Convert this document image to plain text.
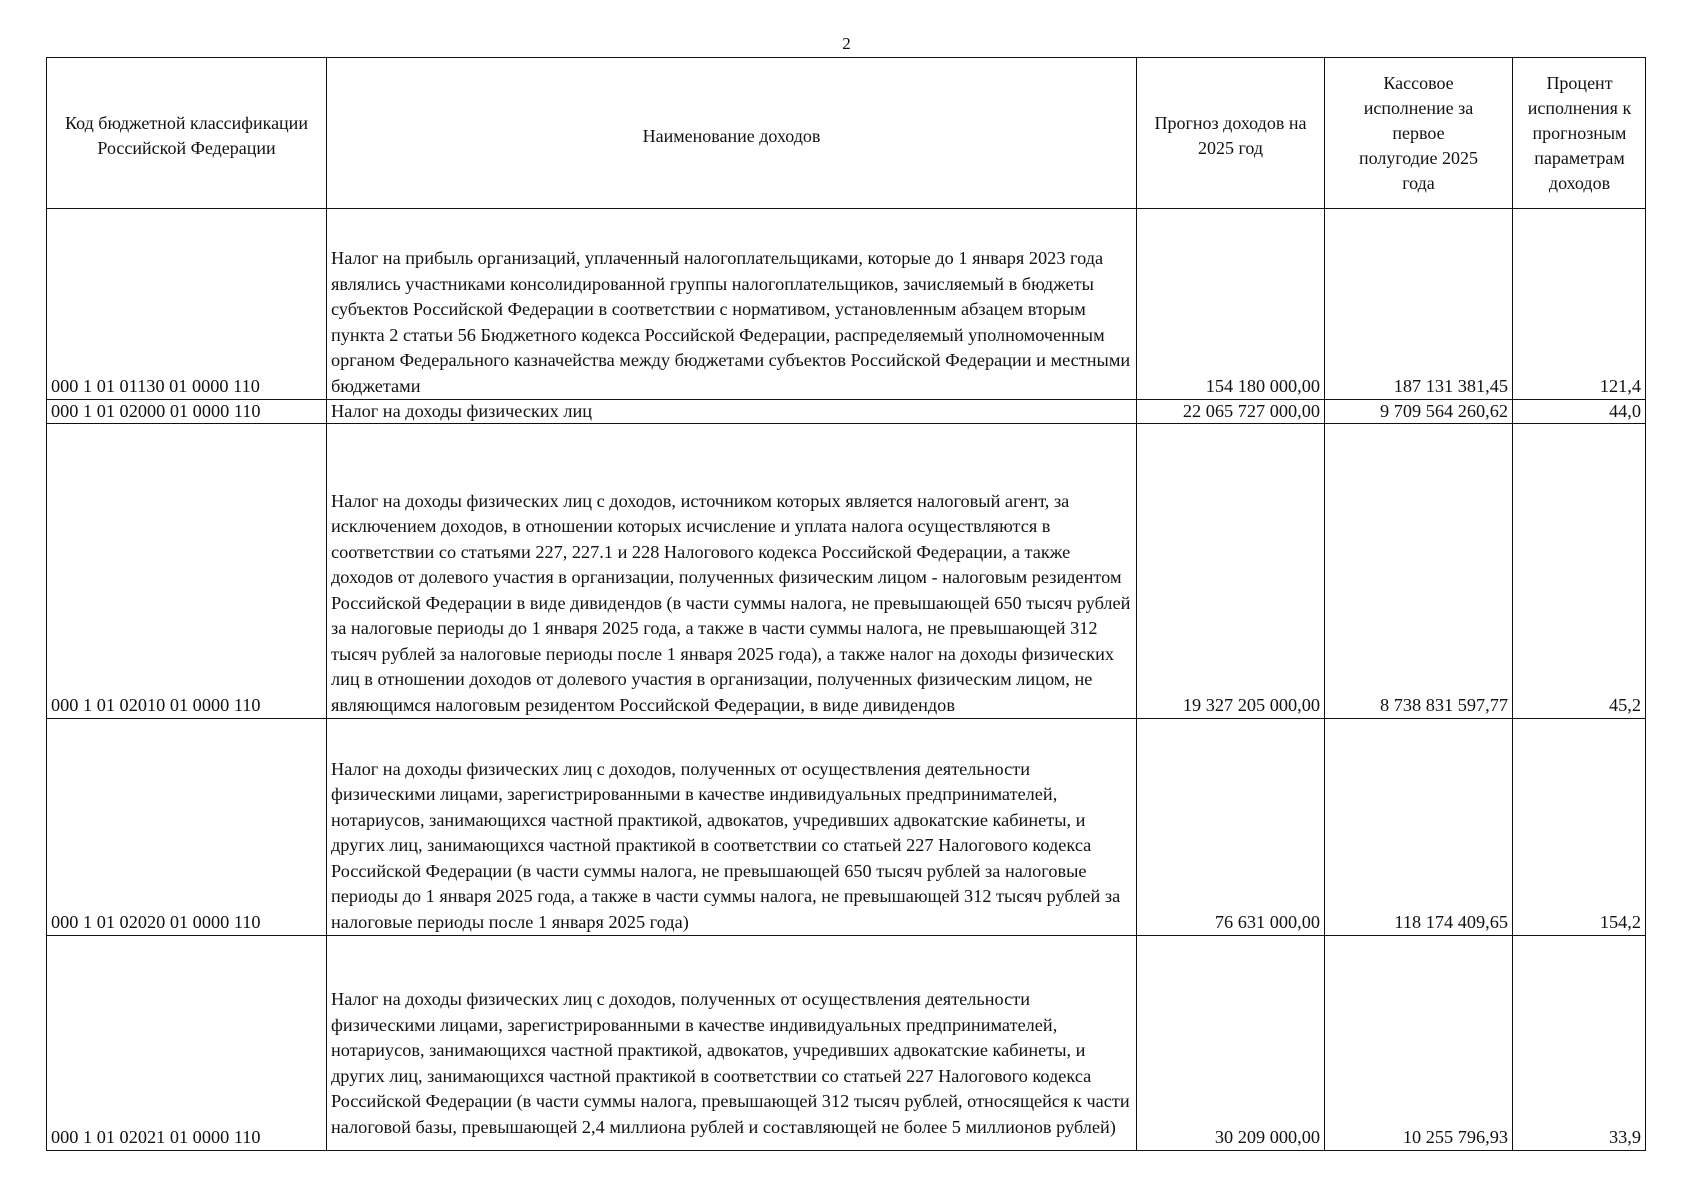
2
Код бюджетной классификации Российской Федерации	Наименование доходов	Прогноз доходов на 2025 год	Кассовое исполнение за первое полугодие 2025 года	Процент исполнения к прогнозным параметрам доходов

000 1 01 01130 01 0000 110	Налог на прибыль организаций, уплаченный налогоплательщиками, которые до 1 января 2023 года являлись участниками консолидированной группы налогоплательщиков, зачисляемый в бюджеты субъектов Российской Федерации в соответствии с нормативом, установленным абзацем вторым пункта 2 статьи 56 Бюджетного кодекса Российской Федерации, распределяемый уполномоченным органом Федерального казначейства между бюджетами субъектов Российской Федерации и местными бюджетами	154 180 000,00	187 131 381,45	121,4
000 1 01 02000 01 0000 110	Налог на доходы физических лиц	22 065 727 000,00	9 709 564 260,62	44,0
000 1 01 02010 01 0000 110	Налог на доходы физических лиц с доходов, источником которых является налоговый агент, за исключением доходов, в отношении которых исчисление и уплата налога осуществляются в соответствии со статьями 227, 227.1 и 228 Налогового кодекса Российской Федерации, а также доходов от долевого участия в организации, полученных физическим лицом - налоговым резидентом Российской Федерации в виде дивидендов (в части суммы налога, не превышающей 650 тысяч рублей за налоговые периоды до 1 января 2025 года, а также в части суммы налога, не превышающей 312 тысяч рублей за налоговые периоды после 1 января 2025 года), а также налог на доходы физических лиц в отношении доходов от долевого участия в организации, полученных физическим лицом, не являющимся налоговым резидентом Российской Федерации, в виде дивидендов	19 327 205 000,00	8 738 831 597,77	45,2
000 1 01 02020 01 0000 110	Налог на доходы физических лиц с доходов, полученных от осуществления деятельности физическими лицами, зарегистрированными в качестве индивидуальных предпринимателей, нотариусов, занимающихся частной практикой, адвокатов, учредивших адвокатские кабинеты, и других лиц, занимающихся частной практикой в соответствии со статьей 227 Налогового кодекса Российской Федерации (в части суммы налога, не превышающей 650 тысяч рублей за налоговые периоды до 1 января 2025 года, а также в части суммы налога, не превышающей 312 тысяч рублей за налоговые периоды после 1 января 2025 года)	76 631 000,00	118 174 409,65	154,2
000 1 01 02021 01 0000 110	Налог на доходы физических лиц с доходов, полученных от осуществления деятельности физическими лицами, зарегистрированными в качестве индивидуальных предпринимателей, нотариусов, занимающихся частной практикой, адвокатов, учредивших адвокатские кабинеты, и других лиц, занимающихся частной практикой в соответствии со статьей 227 Налогового кодекса Российской Федерации (в части суммы налога, превышающей 312 тысяч рублей, относящейся к части налоговой базы, превышающей 2,4 миллиона рублей и составляющей не более 5 миллионов рублей)	30 209 000,00	10 255 796,93	33,9
